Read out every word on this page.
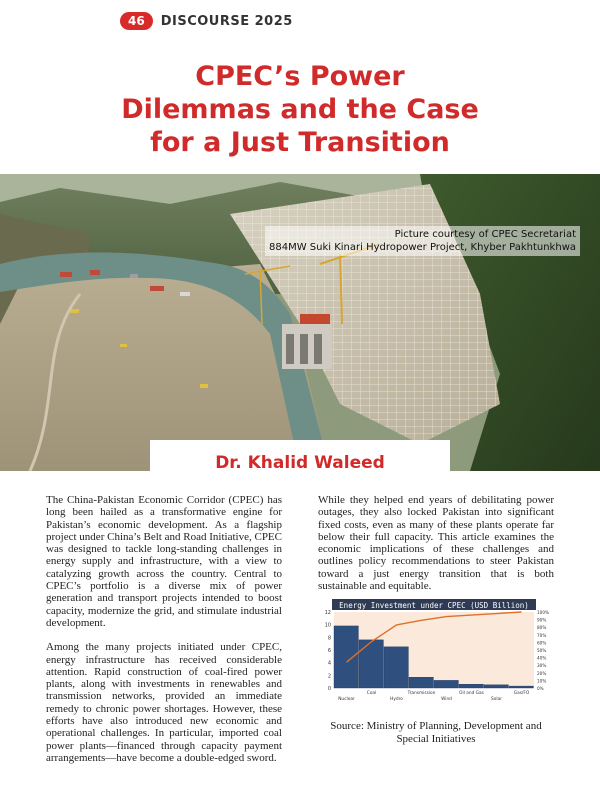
46	DISCOURSE 2025
CPEC’s Power
Dilemmas and the Case
for a Just Transition
Picture courtesy of CPEC Secretariat
884MW Suki Kinari Hydropower Project, Khyber Pakhtunkhwa
Dr. Khalid Waleed

The China-Pakistan Economic Corridor (CPEC) has long been hailed as a transformative engine for Pakistan’s economic development. As a flagship project under China’s Belt and Road Initiative, CPEC was designed to tackle long-standing challenges in energy supply and infrastructure, with a view to catalyzing growth across the country. Central to CPEC’s portfolio is a diverse mix of power generation and transport projects intended to boost capacity, modernize the grid, and stimulate industrial development.

Among the many projects initiated under CPEC, energy infrastructure has received considerable attention. Rapid construction of coal-fired power plants, along with investments in renewables and transmission networks, provided an immediate remedy to chronic power shortages. However, these efforts have also introduced new economic and operational challenges. In particular, imported coal power plants—financed through capacity payment arrangements—have become a double-edged sword.

While they helped end years of debilitating power outages, they also locked Pakistan into significant fixed costs, even as many of these plants operate far below their full capacity. This article examines the economic implications of these challenges and outlines policy recommendations to steer Pakistan toward a just energy transition that is both sustainable and equitable.

Energy Investment under CPEC (USD Billion)
0
2
4
6
8
10
12
0%
10%
20%
30%
40%
50%
60%
70%
80%
90%
100%
Nuclear
Coal
Hydro
Transmission
Wind
Oil and Gas
Solar
Gas/FO
Source: Ministry of Planning, Development and Special Initiatives
